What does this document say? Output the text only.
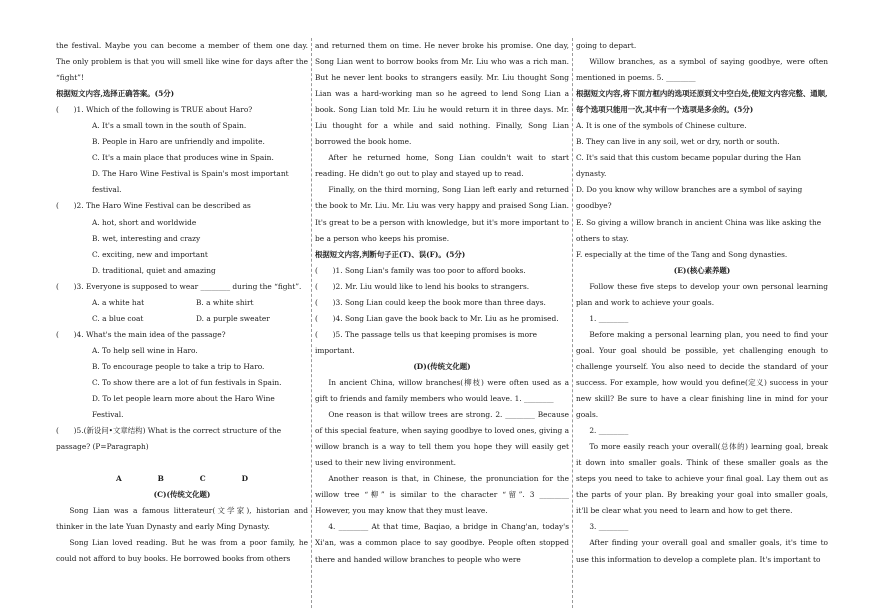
the festival. Maybe you can become a member of them one day. The only problem is that you will smell like wine for days after the “fight”!
根据短文内容,选择正确答案。(5分)
(　　)1. Which of the following is TRUE about Haro?
A. It's a small town in the south of Spain.
B. People in Haro are unfriendly and impolite.
C. It's a main place that produces wine in Spain.
D. The Haro Wine Festival is Spain's most important festival.
(　　)2. The Haro Wine Festival can be described as
A. hot, short and worldwide
B. wet, interesting and crazy
C. exciting, new and important
D. traditional, quiet and amazing
(　　)3. Everyone is supposed to wear ________ during the “fight”.
A. a white hat	B. a white shirt
C. a blue coat	D. a purple sweater
(　　)4. What's the main idea of the passage?
A. To help sell wine in Haro.
B. To encourage people to take a trip to Haro.
C. To show there are a lot of fun festivals in Spain.
D. To let people learn more about the Haro Wine Festival.
(　　)5.(新设问•文章结构) What is the correct structure of the passage? (P=Paragraph)
A	B	C	D
(C)(传统文化题)
Song Lian was a famous litterateur(文学家), historian and thinker in the late Yuan Dynasty and early Ming Dynasty.
Song Lian loved reading. But he was from a poor family, he could not afford to buy books. He borrowed books from others
and returned them on time. He never broke his promise. One day, Song Lian went to borrow books from Mr. Liu who was a rich man. But he never lent books to strangers easily. Mr. Liu thought Song Lian was a hard-working man so he agreed to lend Song Lian a book. Song Lian told Mr. Liu he would return it in three days. Mr. Liu thought for a while and said nothing. Finally, Song Lian borrowed the book home.
After he returned home, Song Lian couldn't wait to start reading. He didn't go out to play and stayed up to read.
Finally, on the third morning, Song Lian left early and returned the book to Mr. Liu. Mr. Liu was very happy and praised Song Lian. It's great to be a person with knowledge, but it's more important to be a person who keeps his promise.
根据短文内容,判断句子正(T)、误(F)。(5分)
(　　)1. Song Lian's family was too poor to afford books.
(　　)2. Mr. Liu would like to lend his books to strangers.
(　　)3. Song Lian could keep the book more than three days.
(　　)4. Song Lian gave the book back to Mr. Liu as he promised.
(　　)5. The passage tells us that keeping promises is more important.
(D)(传统文化题)
In ancient China, willow branches(柳枝) were often used as a gift to friends and family members who would leave. 1. ________
One reason is that willow trees are strong. 2. ________ Because of this special feature, when saying goodbye to loved ones, giving a willow branch is a way to tell them you hope they will easily get used to their new living environment.
Another reason is that, in Chinese, the pronunciation for the willow tree “柳” is similar to the character “留”. 3 ________ However, you may know that they must leave.
4. ________ At that time, Baqiao, a bridge in Chang'an, today's Xi'an, was a common place to say goodbye. People often stopped there and handed willow branches to people who were
going to depart.
Willow branches, as a symbol of saying goodbye, were often mentioned in poems. 5. ________
根据短文内容,将下面方框内的选项还原到文中空白处,使短文内容完整、通顺,每个选项只能用一次,其中有一个选项是多余的。(5分)
A. It is one of the symbols of Chinese culture.
B. They can live in any soil, wet or dry, north or south.
C. It's said that this custom became popular during the Han dynasty.
D. Do you know why willow branches are a symbol of saying goodbye?
E. So giving a willow branch in ancient China was like asking the others to stay.
F. especially at the time of the Tang and Song dynasties.
(E)(核心素养题)
Follow these five steps to develop your own personal learning plan and work to achieve your goals.
1. ________
Before making a personal learning plan, you need to find your goal. Your goal should be possible, yet challenging enough to challenge yourself. You also need to decide the standard of your success. For example, how would you define(定义) success in your new skill? Be sure to have a clear finishing line in mind for your goals.
2. ________
To more easily reach your overall(总体的) learning goal, break it down into smaller goals. Think of these smaller goals as the steps you need to take to achieve your final goal. Lay them out as the parts of your plan. By breaking your goal into smaller goals, it'll be clear what you need to learn and how to get there.
3. ________
After finding your overall goal and smaller goals, it's time to use this information to develop a complete plan. It's important to
